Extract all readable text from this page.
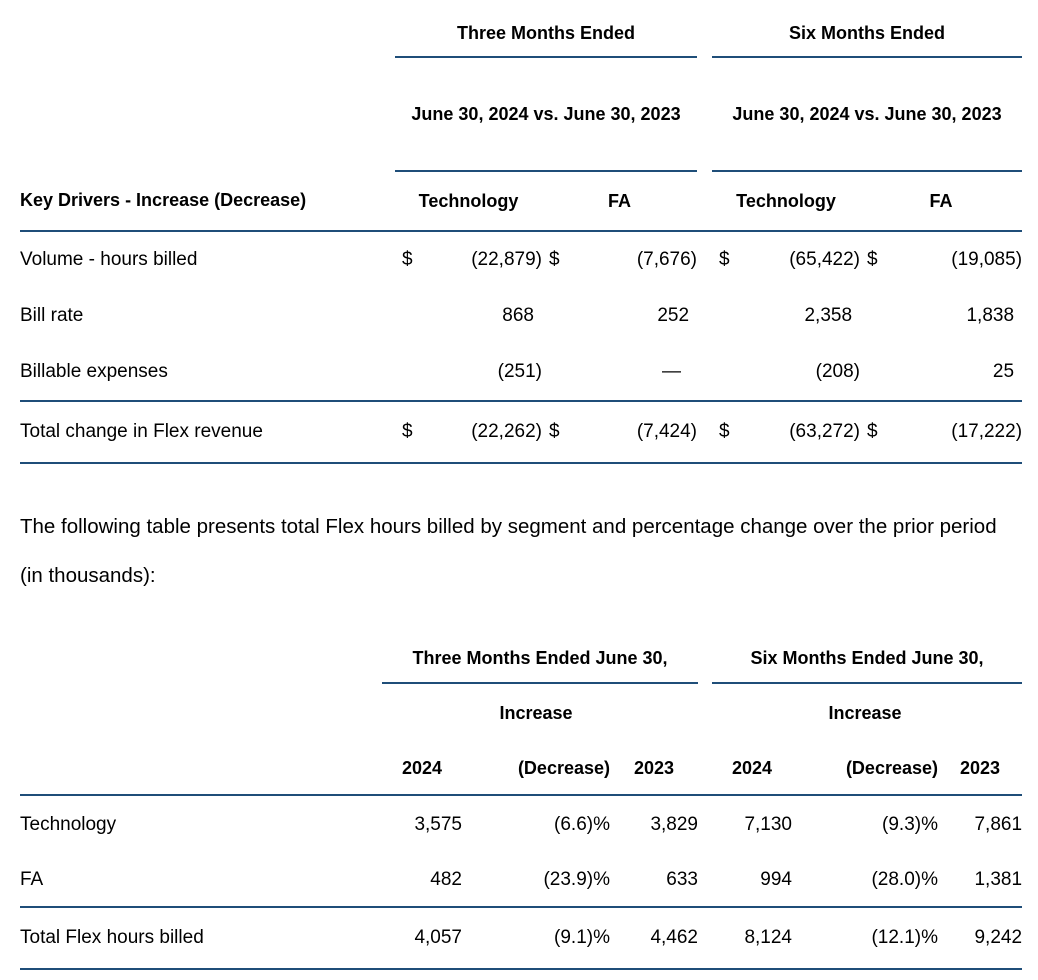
	Three Months Ended					Six Months Ended			
	June 30, 2024 vs. June 30, 2023					June 30, 2024 vs. June 30, 2023			
Key Drivers - Increase (Decrease)	Technology		FA			Technology		FA	
Volume - hours billed	$	(22,879)	$	(7,676)		$	(65,422)	$	(19,085)
Bill rate		868		252			2,358		1,838
Billable expenses		(251)		—			(208)		25
Total change in Flex revenue	$	(22,262)	$	(7,424)		$	(63,272)	$	(17,222)

The following table presents total Flex hours billed by segment and percentage change over the prior period (in thousands):

	Three Months Ended June 30,				Six Months Ended June 30,		
		Increase				Increase	
	2024	(Decrease)	2023		2024	(Decrease)	2023
Technology	3,575	(6.6)%	3,829		7,130	(9.3)%	7,861
FA	482	(23.9)%	633		994	(28.0)%	1,381
Total Flex hours billed	4,057	(9.1)%	4,462		8,124	(12.1)%	9,242
